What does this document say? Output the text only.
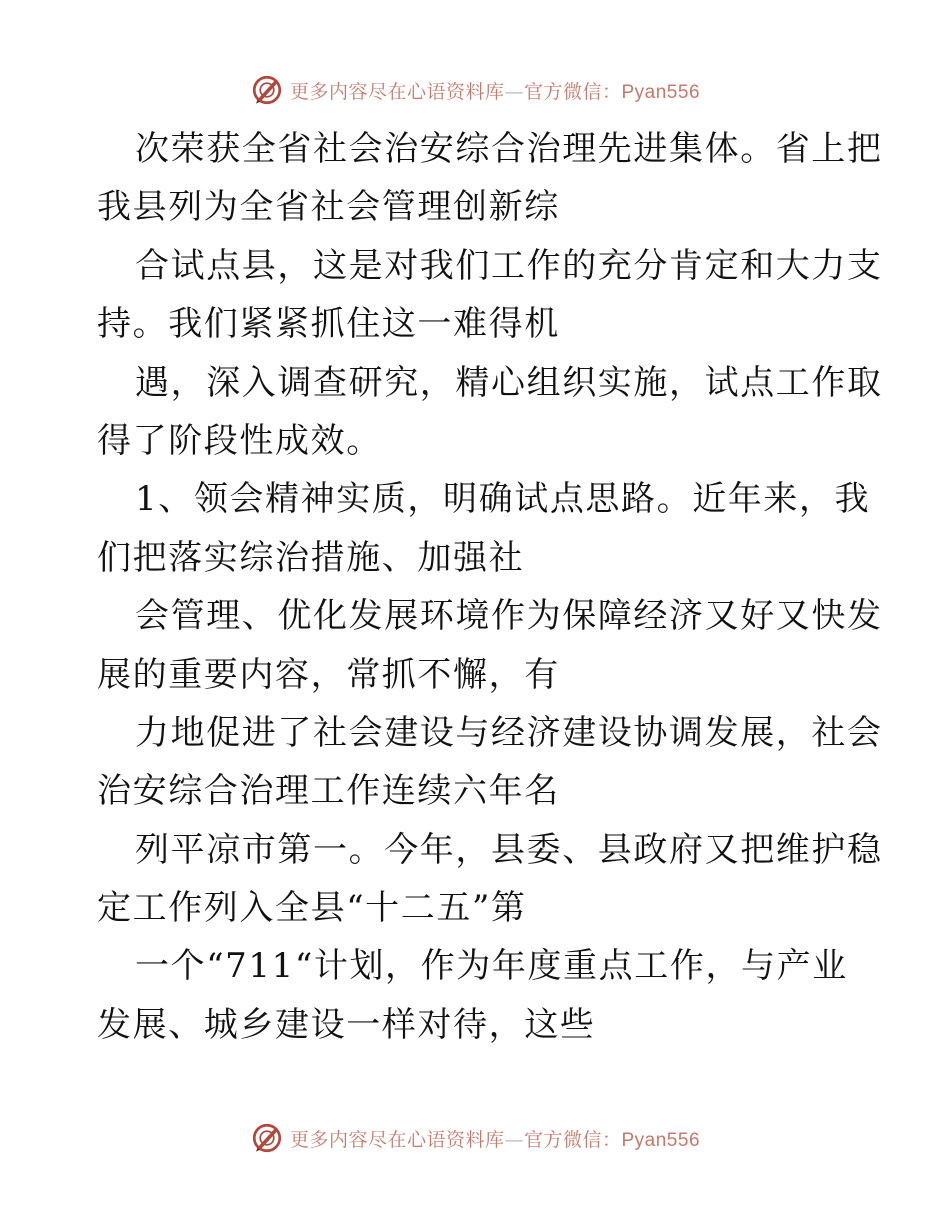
更多内容尽在心语资料库—官方微信：Pyan556
次荣获全省社会治安综合治理先进集体。省上把
我县列为全省社会管理创新综
合试点县，这是对我们工作的充分肯定和大力支
持。我们紧紧抓住这一难得机
遇，深入调查研究，精心组织实施，试点工作取
得了阶段性成效。
1、领会精神实质，明确试点思路。近年来，我
们把落实综治措施、加强社
会管理、优化发展环境作为保障经济又好又快发
展的重要内容，常抓不懈，有
力地促进了社会建设与经济建设协调发展，社会
治安综合治理工作连续六年名
列平凉市第一。今年，县委、县政府又把维护稳
定工作列入全县“十二五”第
一个“711“计划，作为年度重点工作，与产业
发展、城乡建设一样对待，这些
更多内容尽在心语资料库—官方微信：Pyan556
